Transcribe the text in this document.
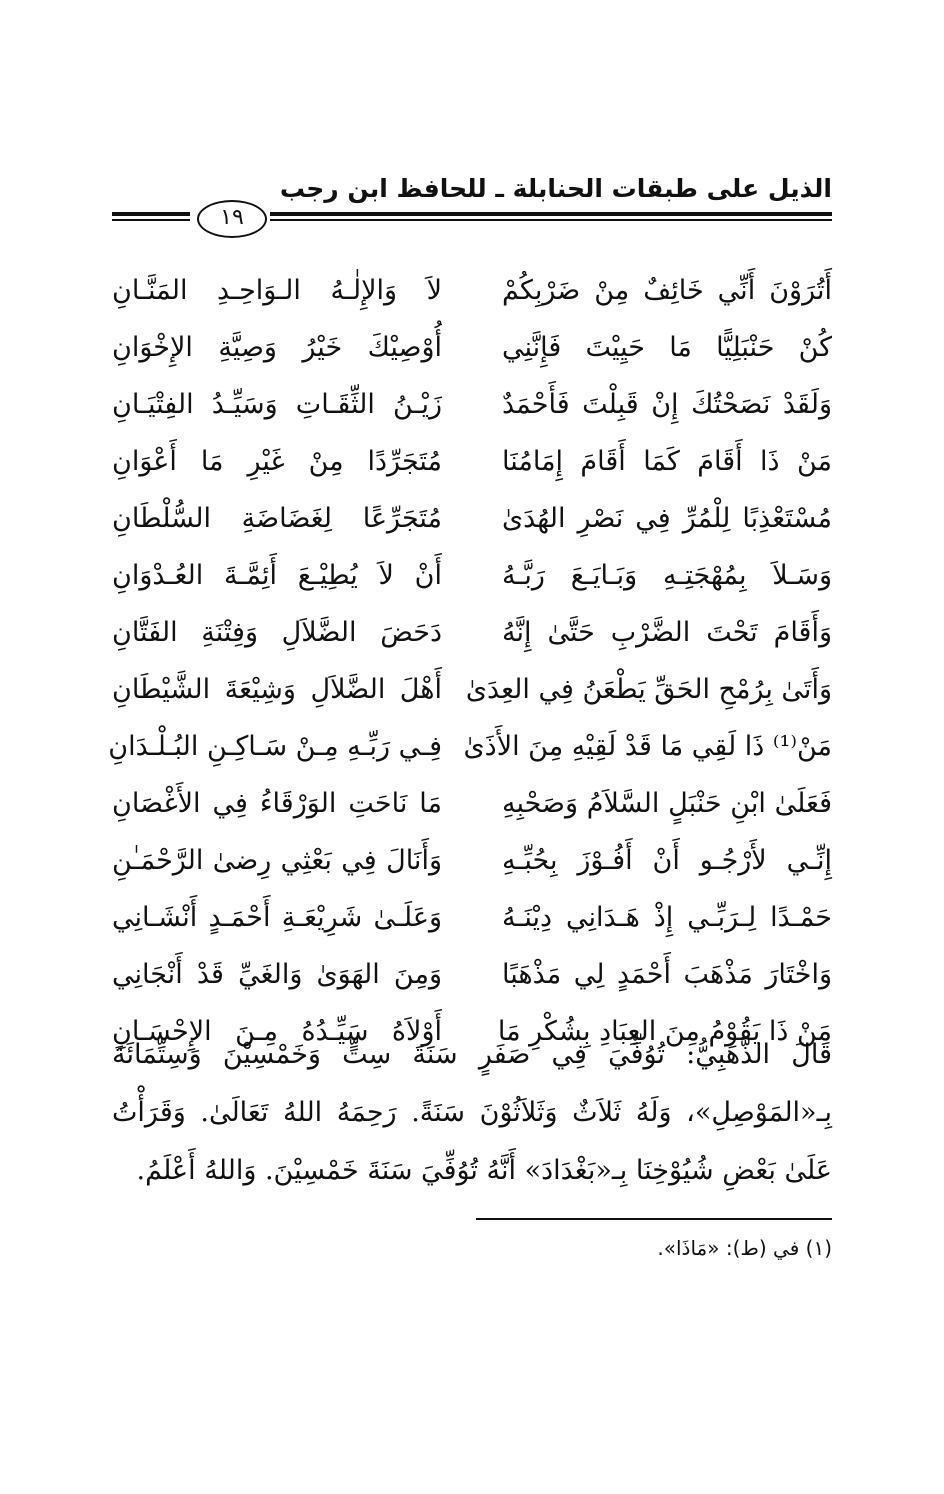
الذيل على طبقات الحنابلة ـ للحافظ ابن رجب
١٩
أَتُرَوْنَ أَنِّي خَائِفٌ مِنْ ضَرْبِكُمْ
لاَ وَالإِلٰـهُ الـوَاحِـدِ المَنَّـانِ
كُنْ حَنْبَلِيًّا مَا حَيِيْتَ فَإِنَّنِي
أُوْصِيْكَ خَيْرُ وَصِيَّةِ الإِخْوَانِ
وَلَقَدْ نَصَحْتُكَ إِنْ قَبِلْتَ فَأَحْمَدٌ
زَيْـنُ الثِّقَـاتِ وَسَيِّـدُ الفِتْيَـانِ
مَنْ ذَا أَقَامَ كَمَا أَقَامَ إِمَامُنَا
مُتَجَرِّدًا مِنْ غَيْرِ مَا أَعْوَانِ
مُسْتَعْذِبًا لِلْمُرِّ فِي نَصْرِ الهُدَىٰ
مُتَجَرِّعًا لِغَضَاضَةِ السُّلْطَانِ
وَسَـلاَ بِمُهْجَتِـهِ وَبَـايَـعَ رَبَّـهُ
أَنْ لاَ يُطِيْـعَ أَئِمَّـةَ العُـدْوَانِ
وَأَقَامَ تَحْتَ الضَّرْبِ حَتَّىٰ إِنَّهُ
دَحَضَ الضَّلاَلِ وَفِتْنَةِ الفَتَّانِ
وَأَتَىٰ بِرُمْحِ الحَقِّ يَطْعَنُ فِي العِدَىٰ
أَهْلَ الضَّلاَلِ وَشِيْعَةَ الشَّيْطَانِ
مَنْ⁽¹⁾ ذَا لَقِي مَا قَدْ لَقِيْهِ مِنَ الأَذَىٰ
فِـي رَبِّـهِ مِـنْ سَـاكِـنِ البُـلْـدَانِ
فَعَلَىٰ ابْنِ حَنْبَلٍ السَّلاَمُ وَصَحْبِهِ
مَا نَاحَتِ الوَرْقَاءُ فِي الأَغْصَانِ
إِنِّـي لأَرْجُـو أَنْ أَفُـوْزَ بِحُبِّـهِ
وَأَنَالَ فِي بَعْثِي رِضىٰ الرَّحْمَـٰنِ
حَمْـدًا لِـرَبِّـي إِذْ هَـدَانِي دِيْنَـهُ
وَعَلَـىٰ شَرِيْعَـةِ أَحْمَـدٍ أَنْشَـانِي
وَاخْتَارَ مَذْهَبَ أَحْمَدٍ لِي مَذْهَبًا
وَمِنَ الهَوَىٰ وَالغَيِّ قَدْ أَنْجَانِي
مَنْ ذَا يَقُوْمُ مِنَ العِبَادِ بِشُكْرِ مَا
أَوْلاَهُ سَيِّـدُهُ مِـنَ الإِحْسَـانِ
قَالَ الذَّهَبِيُّ: تُوُفِّيَ فِي صَفَرٍ سَنَةَ سِتٍّ وَخَمْسِيْنَ وَسِتِّمَائَةَ بِـ«المَوْصِلِ»، وَلَهُ ثَلاَثٌ وَثَلاَثُوْنَ سَنَةً. رَحِمَهُ اللهُ تَعَالَىٰ. وَقَرَأْتُ عَلَىٰ بَعْضِ شُيُوْخِنَا بِـ«بَغْدَادَ» أَنَّهُ تُوُفِّيَ سَنَةَ خَمْسِيْنَ. وَاللهُ أَعْلَمُ.
(١) في (ط): «مَاذَا».
